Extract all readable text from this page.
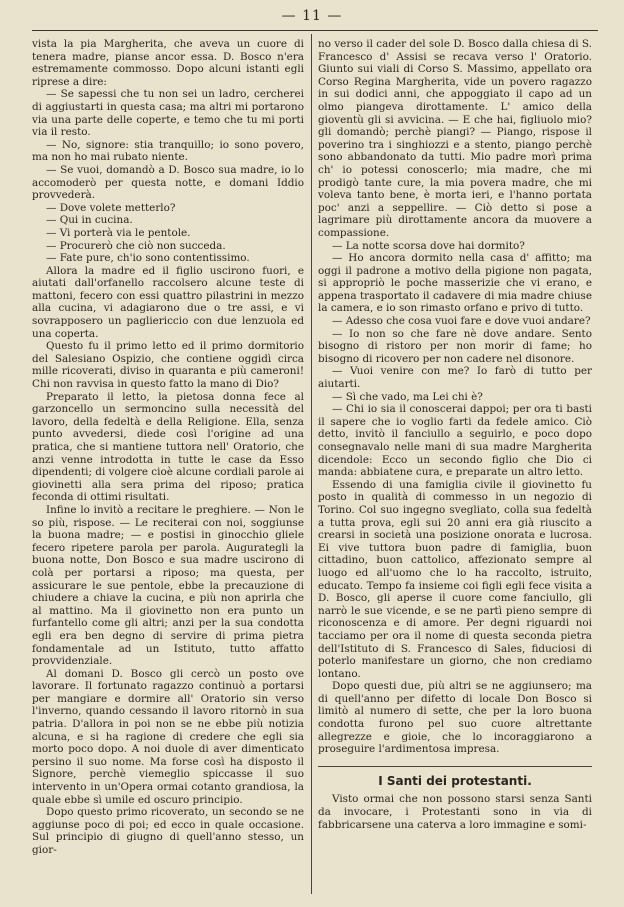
— 11 —

vista la pia Margherita, che aveva un cuore di tenera madre, pianse ancor essa. D. Bosco n'era estremamente commosso. Dopo alcuni istanti egli riprese a dire:

— Se sapessi che tu non sei un ladro, cercherei di aggiustarti in questa casa; ma altri mi portarono via una parte delle coperte, e temo che tu mi porti via il resto.

— No, signore: stia tranquillo; io sono povero, ma non ho mai rubato niente.

— Se vuoi, domandò a D. Bosco sua madre, io lo accomoderò per questa notte, e domani Iddio provvederà.

— Dove volete metterlo?

— Qui in cucina.

— Vi porterà via le pentole.

— Procurerò che ciò non succeda.

— Fate pure, ch'io sono contentissimo.

Allora la madre ed il figlio uscirono fuori, e aiutati dall'orfanello raccolsero alcune teste di mattoni, fecero con essi quattro pilastrini in mezzo alla cucina, vi adagiarono due o tre assi, e vi sovrapposero un pagliericcio con due lenzuola ed una coperta.

Questo fu il primo letto ed il primo dormitorio del Salesiano Ospizio, che contiene oggidì circa mille ricoverati, diviso in quaranta e più cameroni! Chi non ravvisa in questo fatto la mano di Dio?

Preparato il letto, la pietosa donna fece al garzoncello un sermoncino sulla necessità del lavoro, della fedeltà e della Religione. Ella, senza punto avvedersi, diede così l'origine ad una pratica, che si mantiene tuttora nell' Oratorio, che anzi venne introdotta in tutte le case da Esso dipendenti; di volgere cioè alcune cordiali parole ai giovinetti alla sera prima del riposo; pratica feconda di ottimi risultati.

Infine lo invitò a recitare le preghiere. — Non le so più, rispose. — Le reciterai con noi, soggiunse la buona madre; — e postisi in ginocchio gliele fecero ripetere parola per parola. Augurategli la buona notte, Don Bosco e sua madre uscirono di colà per portarsi a riposo; ma questa, per assicurare le sue pentole, ebbe la precauzione di chiudere a chiave la cucina, e più non aprirla che al mattino. Ma il giovinetto non era punto un furfantello come gli altri; anzi per la sua condotta egli era ben degno di servire di prima pietra fondamentale ad un Istituto, tutto affatto provvidenziale.

Al domani D. Bosco gli cercò un posto ove lavorare. Il fortunato ragazzo continuò a portarsi per mangiare e dormire all' Oratorio sin verso l'inverno, quando cessando il lavoro ritornò in sua patria. D'allora in poi non se ne ebbe più notizia alcuna, e si ha ragione di credere che egli sia morto poco dopo. A noi duole di aver dimenticato persino il suo nome. Ma forse così ha disposto il Signore, perchè viemeglio spiccasse il suo intervento in un'Opera ormai cotanto grandiosa, la quale ebbe sì umile ed oscuro principio.

Dopo questo primo ricoverato, un secondo se ne aggiunse poco di poi; ed ecco in quale occasione. Sul principio di giugno di quell'anno stesso, un gior-

no verso il cader del sole D. Bosco dalla chiesa di S. Francesco d' Assisi se recava verso l' Oratorio. Giunto sui viali di Corso S. Massimo, appellato ora Corso Regina Margherita, vide un povero ragazzo in sui dodici anni, che appoggiato il capo ad un olmo piangeva dirottamente. L' amico della gioventù gli si avvicina. — E che hai, figliuolo mio? gli domandò; perchè piangi? — Piango, rispose il poverino tra i singhiozzi e a stento, piango perchè sono abbandonato da tutti. Mio padre morì prima ch' io potessi conoscerlo; mia madre, che mi prodigò tante cure, la mia povera madre, che mi voleva tanto bene, è morta ieri, e l'hanno portata poc' anzi a seppellire. — Ciò detto si pose a lagrimare più dirottamente ancora da muovere a compassione.

— La notte scorsa dove hai dormito?

— Ho ancora dormito nella casa d' affitto; ma oggi il padrone a motivo della pigione non pagata, si appropriò le poche masserizie che vi erano, e appena trasportato il cadavere di mia madre chiuse la camera, e io son rimasto orfano e privo di tutto.

— Adesso che cosa vuoi fare e dove vuoi andare?

— Io non so che fare nè dove andare. Sento bisogno di ristoro per non morir di fame; ho bisogno di ricovero per non cadere nel disonore.

— Vuoi venire con me? Io farò di tutto per aiutarti.

— Sì che vado, ma Lei chi è?

— Chi io sia il conoscerai dappoi; per ora ti basti il sapere che io voglio farti da fedele amico. Ciò detto, invitò il fanciullo a seguirlo, e poco dopo consegnavalo nelle mani di sua madre Margherita dicendole: Ecco un secondo figlio che Dio ci manda: abbiatene cura, e preparate un altro letto.

Essendo di una famiglia civile il giovinetto fu posto in qualità di commesso in un negozio di Torino. Col suo ingegno svegliato, colla sua fedeltà a tutta prova, egli sui 20 anni era già riuscito a crearsi in società una posizione onorata e lucrosa. Ei vive tuttora buon padre di famiglia, buon cittadino, buon cattolico, affezionato sempre al luogo ed all'uomo che lo ha raccolto, istruito, educato. Tempo fa insieme coi figli egli fece visita a D. Bosco, gli aperse il cuore come fanciullo, gli narrò le sue vicende, e se ne partì pieno sempre di riconoscenza e di amore. Per degni riguardi noi tacciamo per ora il nome di questa seconda pietra dell'Istituto di S. Francesco di Sales, fiduciosi di poterlo manifestare un giorno, che non crediamo lontano.

Dopo questi due, più altri se ne aggiunsero; ma di quell'anno per difetto di locale Don Bosco si limitò al numero di sette, che per la loro buona condotta furono pel suo cuore altrettante allegrezze e gioie, che lo incoraggiarono a proseguire l'ardimentosa impresa.

I Santi dei protestanti.

Visto ormai che non possono starsi senza Santi da invocare, i Protestanti sono in via di fabbricarsene una caterva a loro immagine e somi-
